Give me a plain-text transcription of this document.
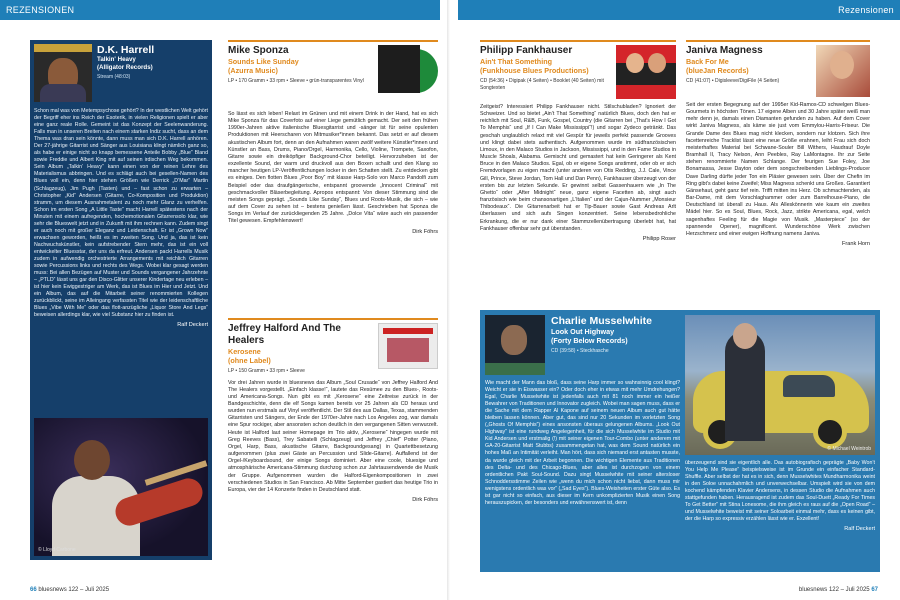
REZENSIONEN
D.K. Harrell
Talkin' Heavy
(Alligator Records)
Stream (48:03)
Schon mal was von Metempsychose gehört? In der westlichen Welt gehört der Begriff eher ins Reich der Esoterik, in vielen Religionen spielt er aber eine ganz reale Rolle. Gemeint ist das Konzept der Seelenwanderung. Falls man in unseren Breiten nach einem starken Indiz sucht, dass an dem Thema was dran sein könnte, dann muss man sich D.K. Harrell anhören. Der 27-jährige Gitarrist und Sänger aus Louisiana klingt nämlich ganz so, als habe er einige nicht so knapp bemessene Anteile Bobby „Blue“ Bland sowie Freddie und Albert King mit auf seinen irdischen Weg bekommen. Sein Album „Talkin‘ Heavy“ kann einen von der reinen Lehre des Materialismus abbringen. Und es schlägt auch bei gesellen-Namen des Blues voll ein, denn hier stehen Größen wie Derrick „D’Mar“ Martin (Schlagzeug), Jim Pugh (Tasten) und – fast schon zu erwarten – Christopher „Kid“ Andersen (Gitarre, Co-Komposition und Produktion) stramm, um diesem Ausnahmetalent zu noch mehr Glanz zu verhelfen. Schon im ersten Song „A Little Taste“ macht Harrell spätestens nach der Minuten mit einem aufregenden, hochemotionalen Gitarrensolo klar, wie sehr die Blueswelt jetzt und in Zukunft mit ihm rechnen kann. Zudem singt er auch noch mit großer Eleganz und Leidenschaft. Er ist „Grown Now“ erwachsen geworden, heißt es im zweiten Song. Und ja, das ist kein Nachwuchskünstler, kein aufstrebender Stern mehr, das ist ein voll entwickelter Bluesstar, der uns da erfreut. Andersen packt Harrells Musik zudem in aufwendig orchestrierte Arrangements mit reichlich Gitarren sowie Percussions links und rechts des Wegs. Wobei klar gesagt werden muss: Bei allen Bezügen auf Muster und Sounds vergangener Jahrzehnte – „PTLD“ lässt uns gar den Disco-Glitter unserer Kindertage neu erleben – ist hier kein Ewiggestriger am Werk, das ist Blues im Hier und Jetzt. Und ein Album, das auf die Mitarbeit seiner renommierten Kollegen zurückblickt, seine im Alleingang verfassten Titel wie der leidenschaftliche Blues „Vibe With Me“ oder das flott-anzügliche „Liquor Store And Legs“ beweisen allerdings klar, wie viel Substanz hier zu finden ist.
Ralf Deckert
© Lloyd Carbone
Mike Sponza
Sounds Like Sunday
(Azurra Music)
LP • 170 Gramm • 33 rpm • Sleeve • grün-transparentes Vinyl
So lässt es sich leben! Relaxt im Grünen und mit einem Drink in der Hand, hat es sich Mike Sponza für das Coverfoto auf einer Liege gemütlich gemacht. Der seit den frühen 1990er-Jahren aktive italienische Bluesgitarrist und -sänger ist für seine opulenten Produktionen mit Heerscharen von Mitmusiker*innen bekannt. Das setzt er auf diesem akustischen Album fort, denn an den Aufnahmen waren zwölf weitere Künstler*innen und Künstler an Bass, Drums, Piano/Orgel, Harmonika, Cello, Violine, Trompete, Saxofon, Gitarre sowie ein dreiköpfiger Background-Chor beteiligt. Hervorzuheben ist der exzellente Sound, der warm und druckvoll aus den Boxen schallt und den Klang so mancher heutigen LP-Veröffentlichungen locker in den Schatten stellt. Zu entdecken gibt es einiges. Den flotten Blues „Poor Boy“ mit klasse Harp-Solo von Marco Pandolfi zum Beispiel oder das draufgängerische, entspannt groovende „Innocent Criminal“ mit geschmackvoller Bläserbegleitung. Apropos entspannt: Von dieser Stimmung sind die meisten Songs geprägt. „Sounds Like Sunday“, Blues und Roots-Musik, die sich – wie auf dem Cover zu sehen ist – bestens genießen lässt. Geschrieben hat Sponza die Songs im Verlauf der zurückliegenden 25 Jahre. „Dolce Vita“ wäre auch ein passender Titel gewesen. Empfehlenswert!
Dirk Föhrs
Jeffrey Halford And The Healers
Kerosene
(ohne Label)
LP • 150 Gramm • 33 rpm • Sleeve
Vor drei Jahren wurde in bluesnews das Album „Soul Crusade“ von Jeffrey Halford And The Healers vorgestellt. „Einfach klasse!“, lautete das Resümee zu den Blues-, Roots- und Americana-Songs. Nun gibt es mit „Kerosene“ eine Zeitreise zurück in der Bandgeschichte, denn die elf Songs kamen bereits vor 25 Jahren als CD heraus und wurden nun erstmals auf Vinyl veröffentlicht. Der Stil des aus Dallas, Texas, stammenden Gitarristen und Sängers, der Ende der 1970er-Jahre nach Los Angeles zog, war damals eine Spur rockiger, aber ansonsten schon deutlich in den vergangenen Sitten verwurzelt. Heute ist Halford laut seiner Homepage im Trio aktiv, „Kerosene“ hingegen wurde mit Greg Reeves (Bass), Trey Sabatelli (Schlagzeug) und Jeffrey „Chief“ Potter (Piano, Orgel, Harp, Bass, akustische Gitarre, Backgroundgesang) in Quartettbesetzung aufgenommen (plus zwei Gäste an Percussion und Slide-Gitarre). Auffallend ist der Orgel-/Keyboardsound, der einige Songs dominiert. Aber eine coole, bluesige und atmosphärische Americana-Stimmung durchzog schon zur Jahrtausendwende die Musik der Gruppe. Aufgenommen wurden die Halford-Eigenkompositionen in zwei verschiedenen Studios in San Francisco. Ab Mitte September gastiert das heutige Trio in Europa, vier der 14 Konzerte finden in Deutschland statt.
Dirk Föhrs
66 bluesnews 122 – Juli 2025
Rezensionen
Philipp Fankhauser
Ain't That Something
(Funkhouse Blues Productions)
CD (54:36) • Digipak (4 Seiten) • Booklet (40 Seiten) mit Songtexten
Zeitgeist? Interessiert Philipp Fankhauser nicht. Stilschubladen? Ignoriert der Schweizer. Und so bietet „Ain’t That Something“ natürlich Blues, doch den hat er reichlich mit Soul, R&B, Funk, Gospel, Country (die Gitarren bei „That’s How I Got To Memphis“ und „If I Can Make Mississippi“!) und sogar Zydeco getränkt. Das geschah unglaublich relaxt mit viel Gespür für jeweils perfekt passende Grooves und klingt dabei stets authentisch. Aufgenommen wurde im südfranzösischen Limoux, in den Malaco Studios in Jackson, Mississippi, und in den Fame Studios in Muscle Shoals, Alabama. Gemischt und gemastert hat kein Geringerer als Kent Bruce in den Malaco Studios. Egal, ob er eigene Songs anstimmt, oder ob er sich Fremdvorlagen zu eigen macht (unter anderen von Otis Redding, J.J. Cale, Vince Gill, Prince, Steve Jordan, Tom Hall und Dan Penn), Fankhauser überzeugt von der ersten bis zur letzten Sekunde. Er gewinnt selbst Gassenhauern wie „In The Ghetto“ oder „After Midnight“ neue, ganz eigene Facetten ab, singt auch französisch wie beim chansonartigen „L’Italien“ und der Cajun-Nummer „Monsieur Thibodeaux“. Die Gitarrenarbeit hat er Tip-Bauer sowie Gast Andreas Arlt überlassen und sich aufs Singen konzentriert. Seine lebensbedrohliche Erkrankung, die er nur dank einer Stammzellenübertragung überlebt hat, hat Fankhauser offenbar sehr gut überstanden.
Philipp Roser
Janiva Magness
Back For Me
(blueJan Records)
CD (41:07) • Digisleeve/DigiFile (4 Seiten)
Seit der ersten Begegnung auf der 1995er Kid-Ramos-CD schwelgen Blues-Gourmets in höchsten Tönen. 17 eigene Alben und 30 Jahre später weiß man mehr denn je, damals einen Diamanten gefunden zu haben. Auf dem Cover wirkt Janiva Magness, als käme sie just vom Emmylou-Harris-Friseur. Die Grande Dame des Blues mag nicht klecken, sondern nur klotzen. Sich ihre facettenreiche Tracklist lässt eine neue Größe erahnen, leiht Frau sich doch meisterhaftes Material bei Schwane-Souler Bill Withers, Haudrauf Doyle Bramhall II, Tracy Nelson, Ann Peebles, Ray LaMontagne. Ihr zur Seite stehen renommierte Namen Schlange. Der feurigen Sue Foley, Joe Bonamassa, Jesse Dayton oder dem songschreibenden Lieblings-Producer Dave Darling dürfte jeder Ton ein Pläsier gewesen sein. Über der Chefin im Ring gibt's dabei keine Zweifel; Miss Magness schenkt uns Großes. Garantiert Gänsehaut, geht ganz tief rein. Trifft mitten ins Herz. Ob schmachtenden, als Bar-Dame, mit dem Vorschlaghammer oder zum Barrelhouse-Piano, die Deutschland ist überall zu Haus. Als Alleskönnerin wie kaum ein zweites Mädel hier. So es Soul, Blues, Rock, Jazz, strikte Americana, egal, welch sagenhaftes Feeling für die Magie von Musik. „Masterpiece“ (so der spannende Opener), magnificent. Wunderschöne Werk zwischen Herzschmerz und einer ewigen Hoffnung namens Janiva.
Frank Horn
Charlie Musselwhite
Look Out Highway
(Forty Below Records)
CD (39:58) • Steckhasche
© Michael Weintrob
Wie macht der Mann das bloß, dass seine Harp immer so wahnsinnig cool klingt? Weicht er sie in Eiswasser ein? Oder doch eher in etwas mit mehr Umdrehungen? Egal, Charlie Musselwhite ist jedenfalls auch mit 81 noch immer ein heißer Bewahrer von Traditionen und Innovator zugleich. Wobei man sagen muss, dass er die Sache mit dem Rapper Al Kapone auf seinem neuen Album auch gut hätte bleiben lassen können. Aber gut, das sind nur 20 Sekunden im vorletzten Song („Ghosts Of Memphis“) eines ansonsten überaus gelungenen Albums. „Look Out Highway“ ist eine rundweg Angelegenheit, für die sich Musselwhite im Studio mit Kid Andersen und erstmalig (!) mit seiner eigenen Tour-Combo (unter anderem mit GA-20-Gitarrist Matt Stubbs) zusammengetan hat, was dem Sound natürlich ein hohes Maß an Intimität verleiht. Man hört, dass sich niemand erst antasten musste, da wurde gleich mit der Arbeit begonnen. Die wichtigen Elemente aus Traditionen des Delta- und des Chicago-Blues, aber alles ist durchzogen von einem ordentlichen Pakt Soul-Sound. Dazu singt Musselwhite mit seiner altersloser Schnoddersstimme Zeilen wie „wenn du mich schon nicht liebst, dann muss mir wenigstens ordentlich was vor“ („Sad Eyes“). Blues-Weisheiten erster Güte also. Es ist gar nicht so einfach, aus dieser im Kern unkomplizierten Musik einen Song herauszupicken, der besonders und erwähnenswert ist, denn
überzeugend sind sie eigentlich alle. Das autobiografisch geprägte „Baby Won’t You Help Me Please“ beispielsweise ist im Grunde ein einfacher Standard-Shuffle. Aber selbst der hat es in sich, denn Musselwhites Mundharmonika weint in den Soloe unnachahmlich und unverwechselbar. Umspielt wird sie von dem kochend kämpfenden Klavier Andersens, in dessen Studio die Aufnahmen auch stattgefunden haben. Herausragend ist zudem das Soul-Duett „Ready For Times To Get Better“ mit Stina Lonesome, die ihm gleich es raus auf die „Open Road“ – und Musselwhite beweist mit seiner Soloarbeit einmal mehr, dass es keinen gibt, der die Harp so expressiv erzählen lässt wie er. Exzellent!
Ralf Deckert
bluesnews 122 – Juli 2025 67
